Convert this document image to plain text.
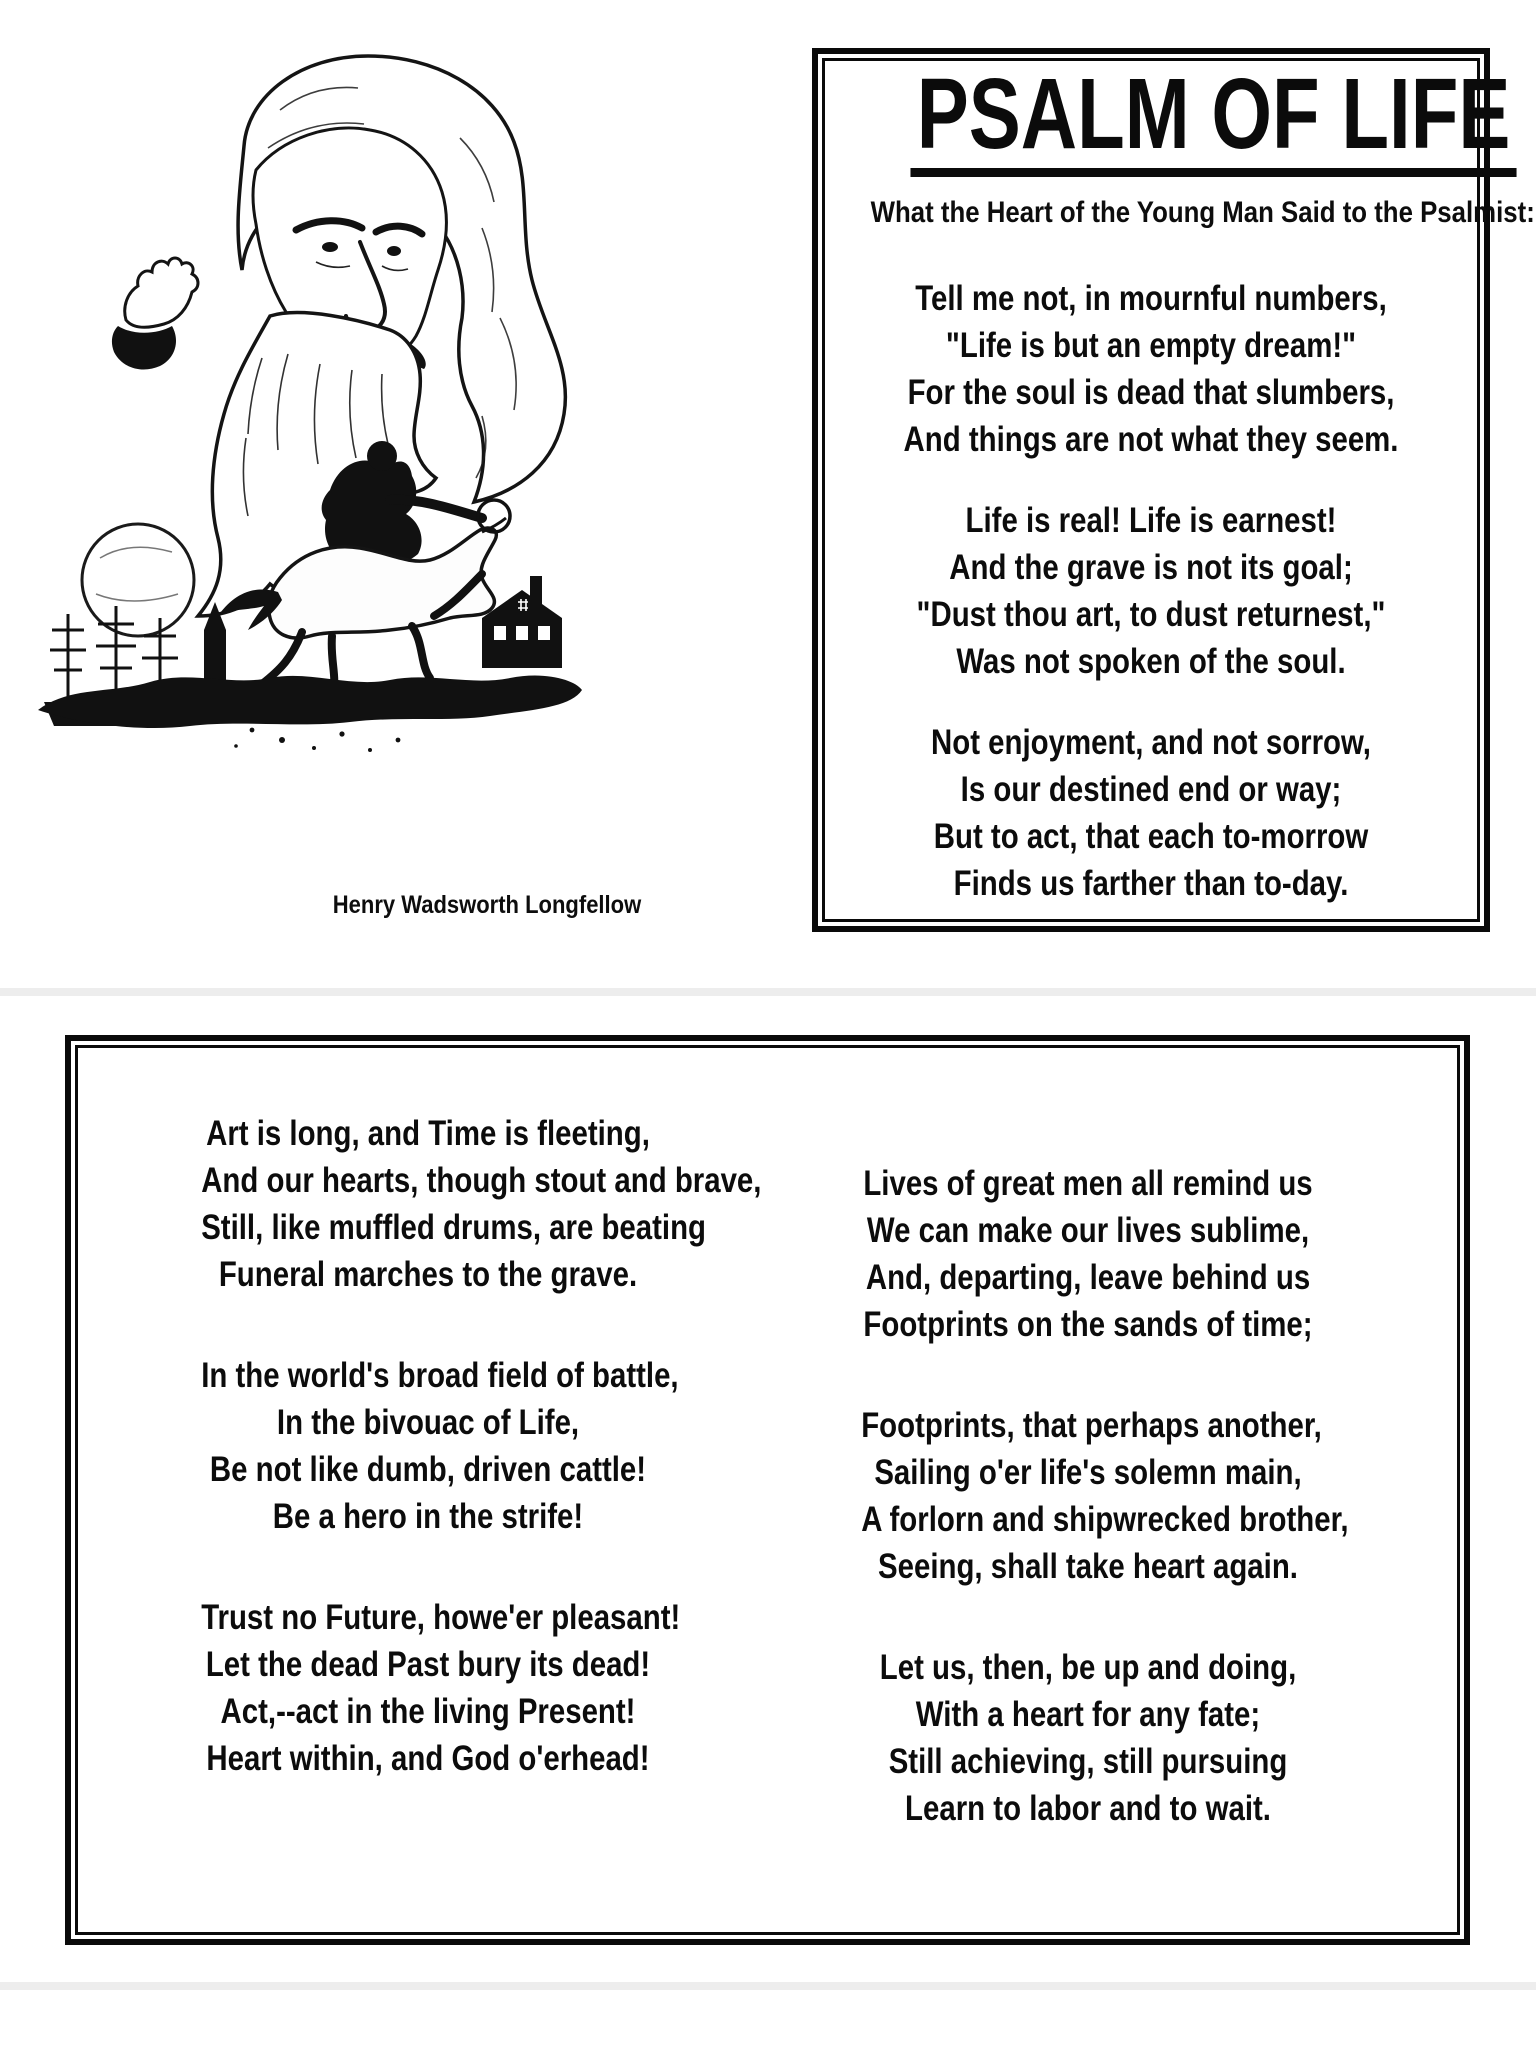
Henry Wadsworth Longfellow
PSALM OF LIFE
What the Heart of the Young Man Said to the Psalmist:
Tell me not, in mournful numbers,
"Life is but an empty dream!"
For the soul is dead that slumbers,
And things are not what they seem.
Life is real! Life is earnest!
And the grave is not its goal;
"Dust thou art, to dust returnest,"
Was not spoken of the soul.
Not enjoyment, and not sorrow,
Is our destined end or way;
But to act, that each to-morrow
Finds us farther than to-day.
Art is long, and Time is fleeting,
And our hearts, though stout and brave,
Still, like muffled drums, are beating
Funeral marches to the grave.
In the world's broad field of battle,
In the bivouac of Life,
Be not like dumb, driven cattle!
Be a hero in the strife!
Trust no Future, howe'er pleasant!
Let the dead Past bury its dead!
Act,--act in the living Present!
Heart within, and God o'erhead!
Lives of great men all remind us
We can make our lives sublime,
And, departing, leave behind us
Footprints on the sands of time;
Footprints, that perhaps another,
Sailing o'er life's solemn main,
A forlorn and shipwrecked brother,
Seeing, shall take heart again.
Let us, then, be up and doing,
With a heart for any fate;
Still achieving, still pursuing
Learn to labor and to wait.
